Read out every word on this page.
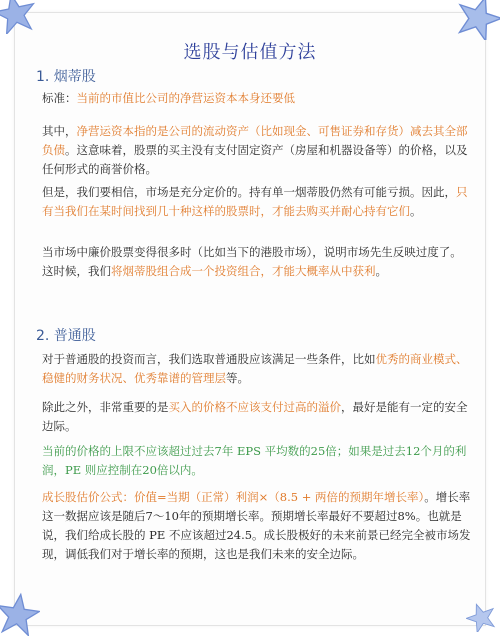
选股与估值方法
1. 烟蒂股

标准：当前的市值比公司的净营运资本本身还要低

其中，净营运资本指的是公司的流动资产（比如现金、可售证券和存货）减去其全部负债。这意味着，股票的买主没有支付固定资产（房屋和机器设备等）的价格，以及任何形式的商誉价格。

但是，我们要相信，市场是充分定价的。持有单一烟蒂股仍然有可能亏损。因此，只有当我们在某时间找到几十种这样的股票时，才能去购买并耐心持有它们。

当市场中廉价股票变得很多时（比如当下的港股市场），说明市场先生反映过度了。这时候，我们将烟蒂股组合成一个投资组合，才能大概率从中获利。

2. 普通股

对于普通股的投资而言，我们选取普通股应该满足一些条件，比如优秀的商业模式、稳健的财务状况、优秀靠谱的管理层等。

除此之外，非常重要的是买入的价格不应该支付过高的溢价，最好是能有一定的安全边际。

当前的价格的上限不应该超过过去7年 EPS 平均数的25倍；如果是过去12个月的利润，PE 则应控制在20倍以内。

成长股估价公式：价值=当期（正常）利润×（8.5 + 两倍的预期年增长率）。增长率这一数据应该是随后7～10年的预期增长率。预期增长率最好不要超过8%。也就是说，我们给成长股的 PE 不应该超过24.5。成长股极好的未来前景已经完全被市场发现，调低我们对于增长率的预期，这也是我们未来的安全边际。
